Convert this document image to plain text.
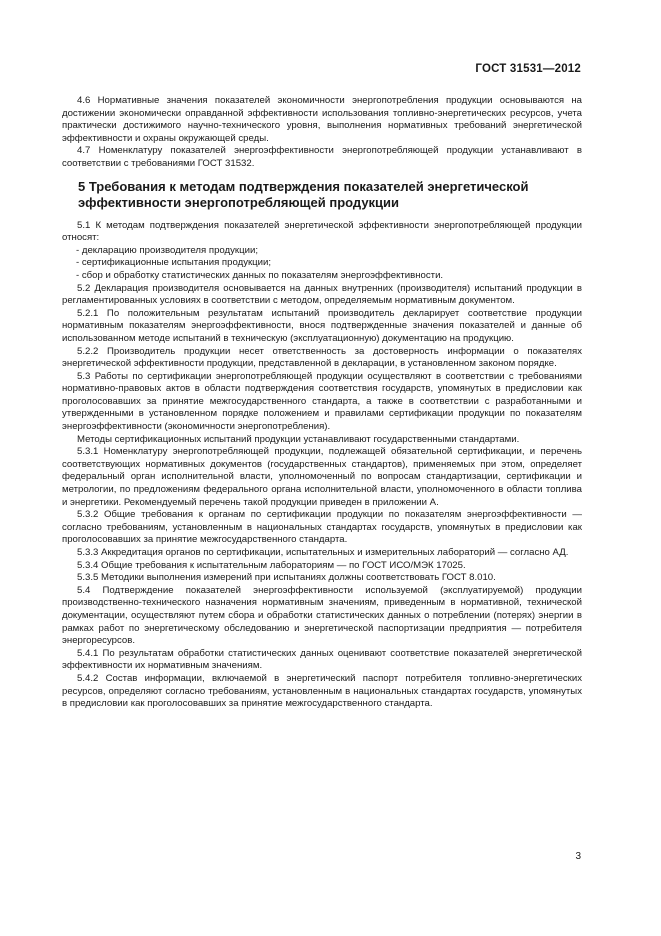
ГОСТ 31531—2012

4.6 Нормативные значения показателей экономичности энергопотребления продукции основываются на достижении экономически оправданной эффективности использования топливно-энергетических ресурсов, учета практически достижимого научно-технического уровня, выполнения нормативных требований энергетической эффективности и охраны окружающей среды.

4.7 Номенклатуру показателей энергоэффективности энергопотребляющей продукции устанавливают в соответствии с требованиями ГОСТ 31532.

5 Требования к методам подтверждения показателей энергетической эффективности энергопотребляющей продукции

5.1 К методам подтверждения показателей энергетической эффективности энергопотребляющей продукции относят:

- декларацию производителя продукции;

- сертификационные испытания продукции;

- сбор и обработку статистических данных по показателям энергоэффективности.

5.2 Декларация производителя основывается на данных внутренних (производителя) испытаний продукции в регламентированных условиях в соответствии с методом, определяемым нормативным документом.

5.2.1 По положительным результатам испытаний производитель декларирует соответствие продукции нормативным показателям энергоэффективности, внося подтвержденные значения показателей и данные об использованном методе испытаний в техническую (эксплуатационную) документацию на продукцию.

5.2.2 Производитель продукции несет ответственность за достоверность информации о показателях энергетической эффективности продукции, представленной в декларации, в установленном законом порядке.

5.3 Работы по сертификации энергопотребляющей продукции осуществляют в соответствии с требованиями нормативно-правовых актов в области подтверждения соответствия государств, упомянутых в предисловии как проголосовавших за принятие межгосударственного стандарта, а также в соответствии с разработанными и утвержденными в установленном порядке положением и правилами сертификации продукции по показателям энергоэффективности (экономичности энергопотребления).

Методы сертификационных испытаний продукции устанавливают государственными стандартами.

5.3.1 Номенклатуру энергопотребляющей продукции, подлежащей обязательной сертификации, и перечень соответствующих нормативных документов (государственных стандартов), применяемых при этом, определяет федеральный орган исполнительной власти, уполномоченный по вопросам стандартизации, сертификации и метрологии, по предложениям федерального органа исполнительной власти, уполномоченного в области топлива и энергетики. Рекомендуемый перечень такой продукции приведен в приложении А.

5.3.2 Общие требования к органам по сертификации продукции по показателям энергоэффективности — согласно требованиям, установленным в национальных стандартах государств, упомянутых в предисловии как проголосовавших за принятие межгосударственного стандарта.

5.3.3 Аккредитация органов по сертификации, испытательных и измерительных лабораторий — согласно АД.

5.3.4 Общие требования к испытательным лабораториям — по ГОСТ ИСО/МЭК 17025.

5.3.5 Методики выполнения измерений при испытаниях должны соответствовать ГОСТ 8.010.

5.4 Подтверждение показателей энергоэффективности используемой (эксплуатируемой) продукции производственно-технического назначения нормативным значениям, приведенным в нормативной, технической документации, осуществляют путем сбора и обработки статистических данных о потреблении (потерях) энергии в рамках работ по энергетическому обследованию и энергетической паспортизации предприятия — потребителя энергоресурсов.

5.4.1 По результатам обработки статистических данных оценивают соответствие показателей энергетической эффективности их нормативным значениям.

5.4.2 Состав информации, включаемой в энергетический паспорт потребителя топливно-энергетических ресурсов, определяют согласно требованиям, установленным в национальных стандартах государств, упомянутых в предисловии как проголосовавших за принятие межгосударственного стандарта.

3
